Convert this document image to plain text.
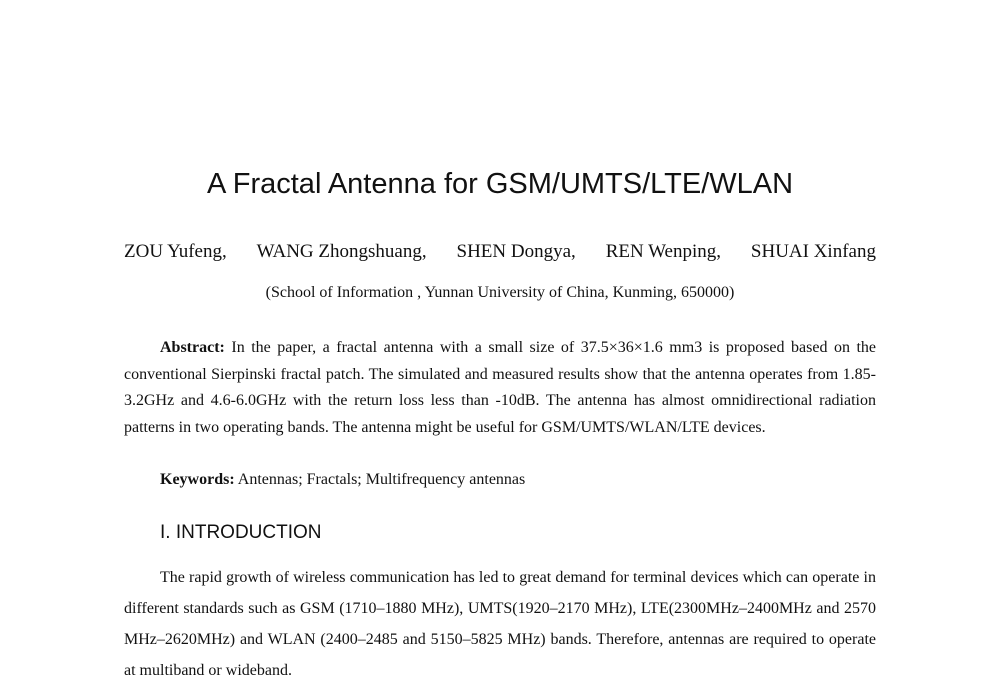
A Fractal Antenna for GSM/UMTS/LTE/WLAN
ZOU Yufeng, WANG Zhongshuang, SHEN Dongya, REN Wenping, SHUAI Xinfang
(School of Information , Yunnan University of China, Kunming, 650000)

Abstract: In the paper, a fractal antenna with a small size of 37.5×36×1.6 mm3 is proposed based on the conventional Sierpinski fractal patch. The simulated and measured results show that the antenna operates from 1.85-3.2GHz and 4.6-6.0GHz with the return loss less than -10dB. The antenna has almost omnidirectional radiation patterns in two operating bands. The antenna might be useful for GSM/UMTS/WLAN/LTE devices.

Keywords: Antennas; Fractals; Multifrequency antennas

I. INTRODUCTION

The rapid growth of wireless communication has led to great demand for terminal devices which can operate in different standards such as GSM (1710–1880 MHz), UMTS(1920–2170 MHz), LTE(2300MHz–2400MHz and 2570 MHz–2620MHz) and WLAN (2400–2485 and 5150–5825 MHz) bands. Therefore, antennas are required to operate at multiband or wideband.
